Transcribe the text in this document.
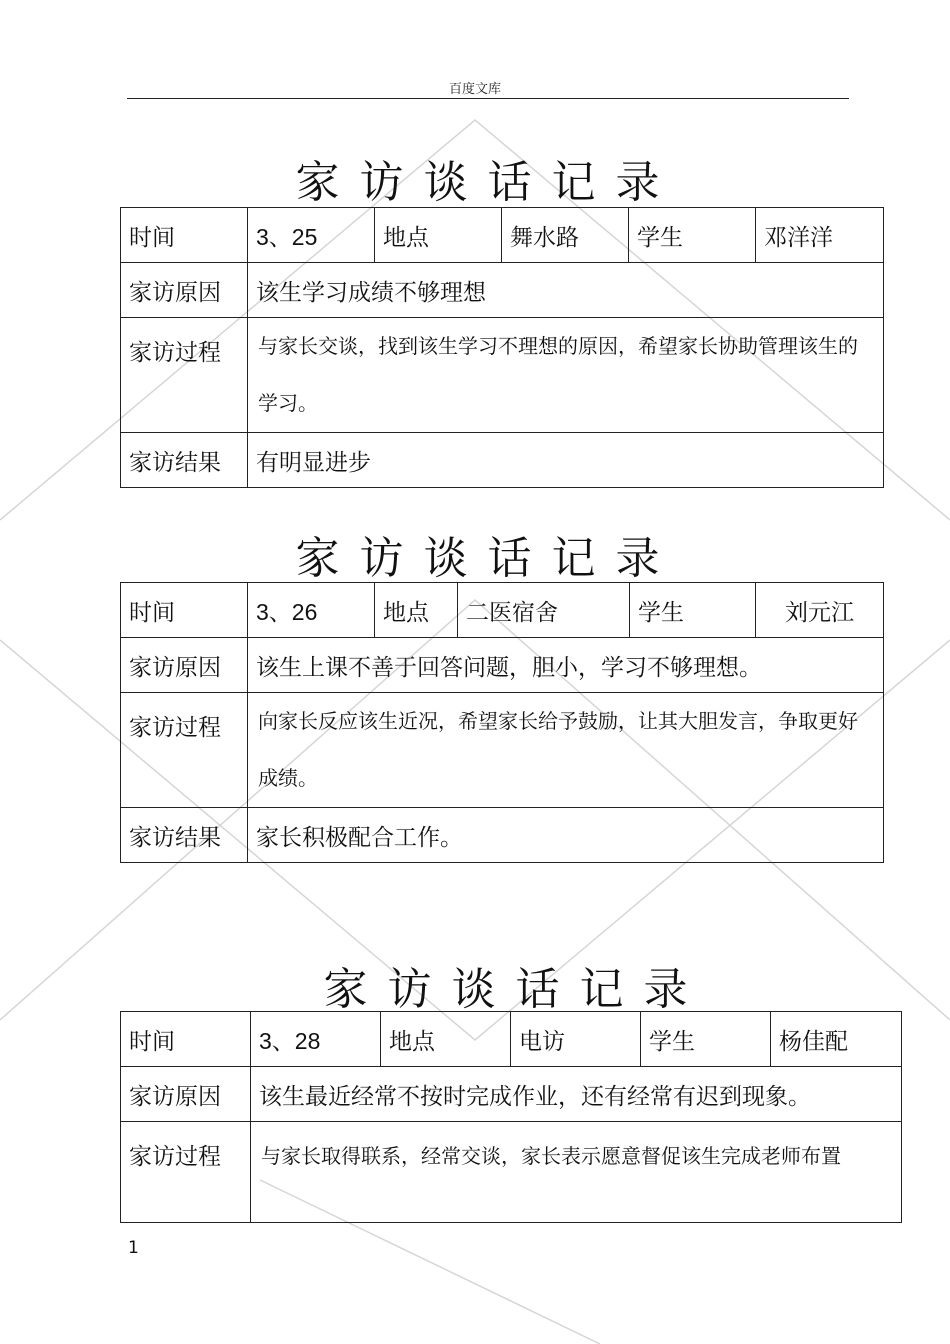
百度文库
家访谈话记录
时间	3、25	地点	舞水路	学生	邓洋洋
家访原因	该生学习成绩不够理想				
家访过程	与家长交谈，找到该生学习不理想的原因，希望家长协助管理该生的学习。				
家访结果	有明显进步				
家访谈话记录
时间	3、26	地点	二医宿舍	学生	刘元江
家访原因	该生上课不善于回答问题，胆小，学习不够理想。				
家访过程	向家长反应该生近况，希望家长给予鼓励，让其大胆发言，争取更好成绩。				
家访结果	家长积极配合工作。				
家访谈话记录
时间	3、28	地点	电访	学生	杨佳配
家访原因	该生最近经常不按时完成作业，还有经常有迟到现象。				
家访过程	与家长取得联系，经常交谈，家长表示愿意督促该生完成老师布置				
1
